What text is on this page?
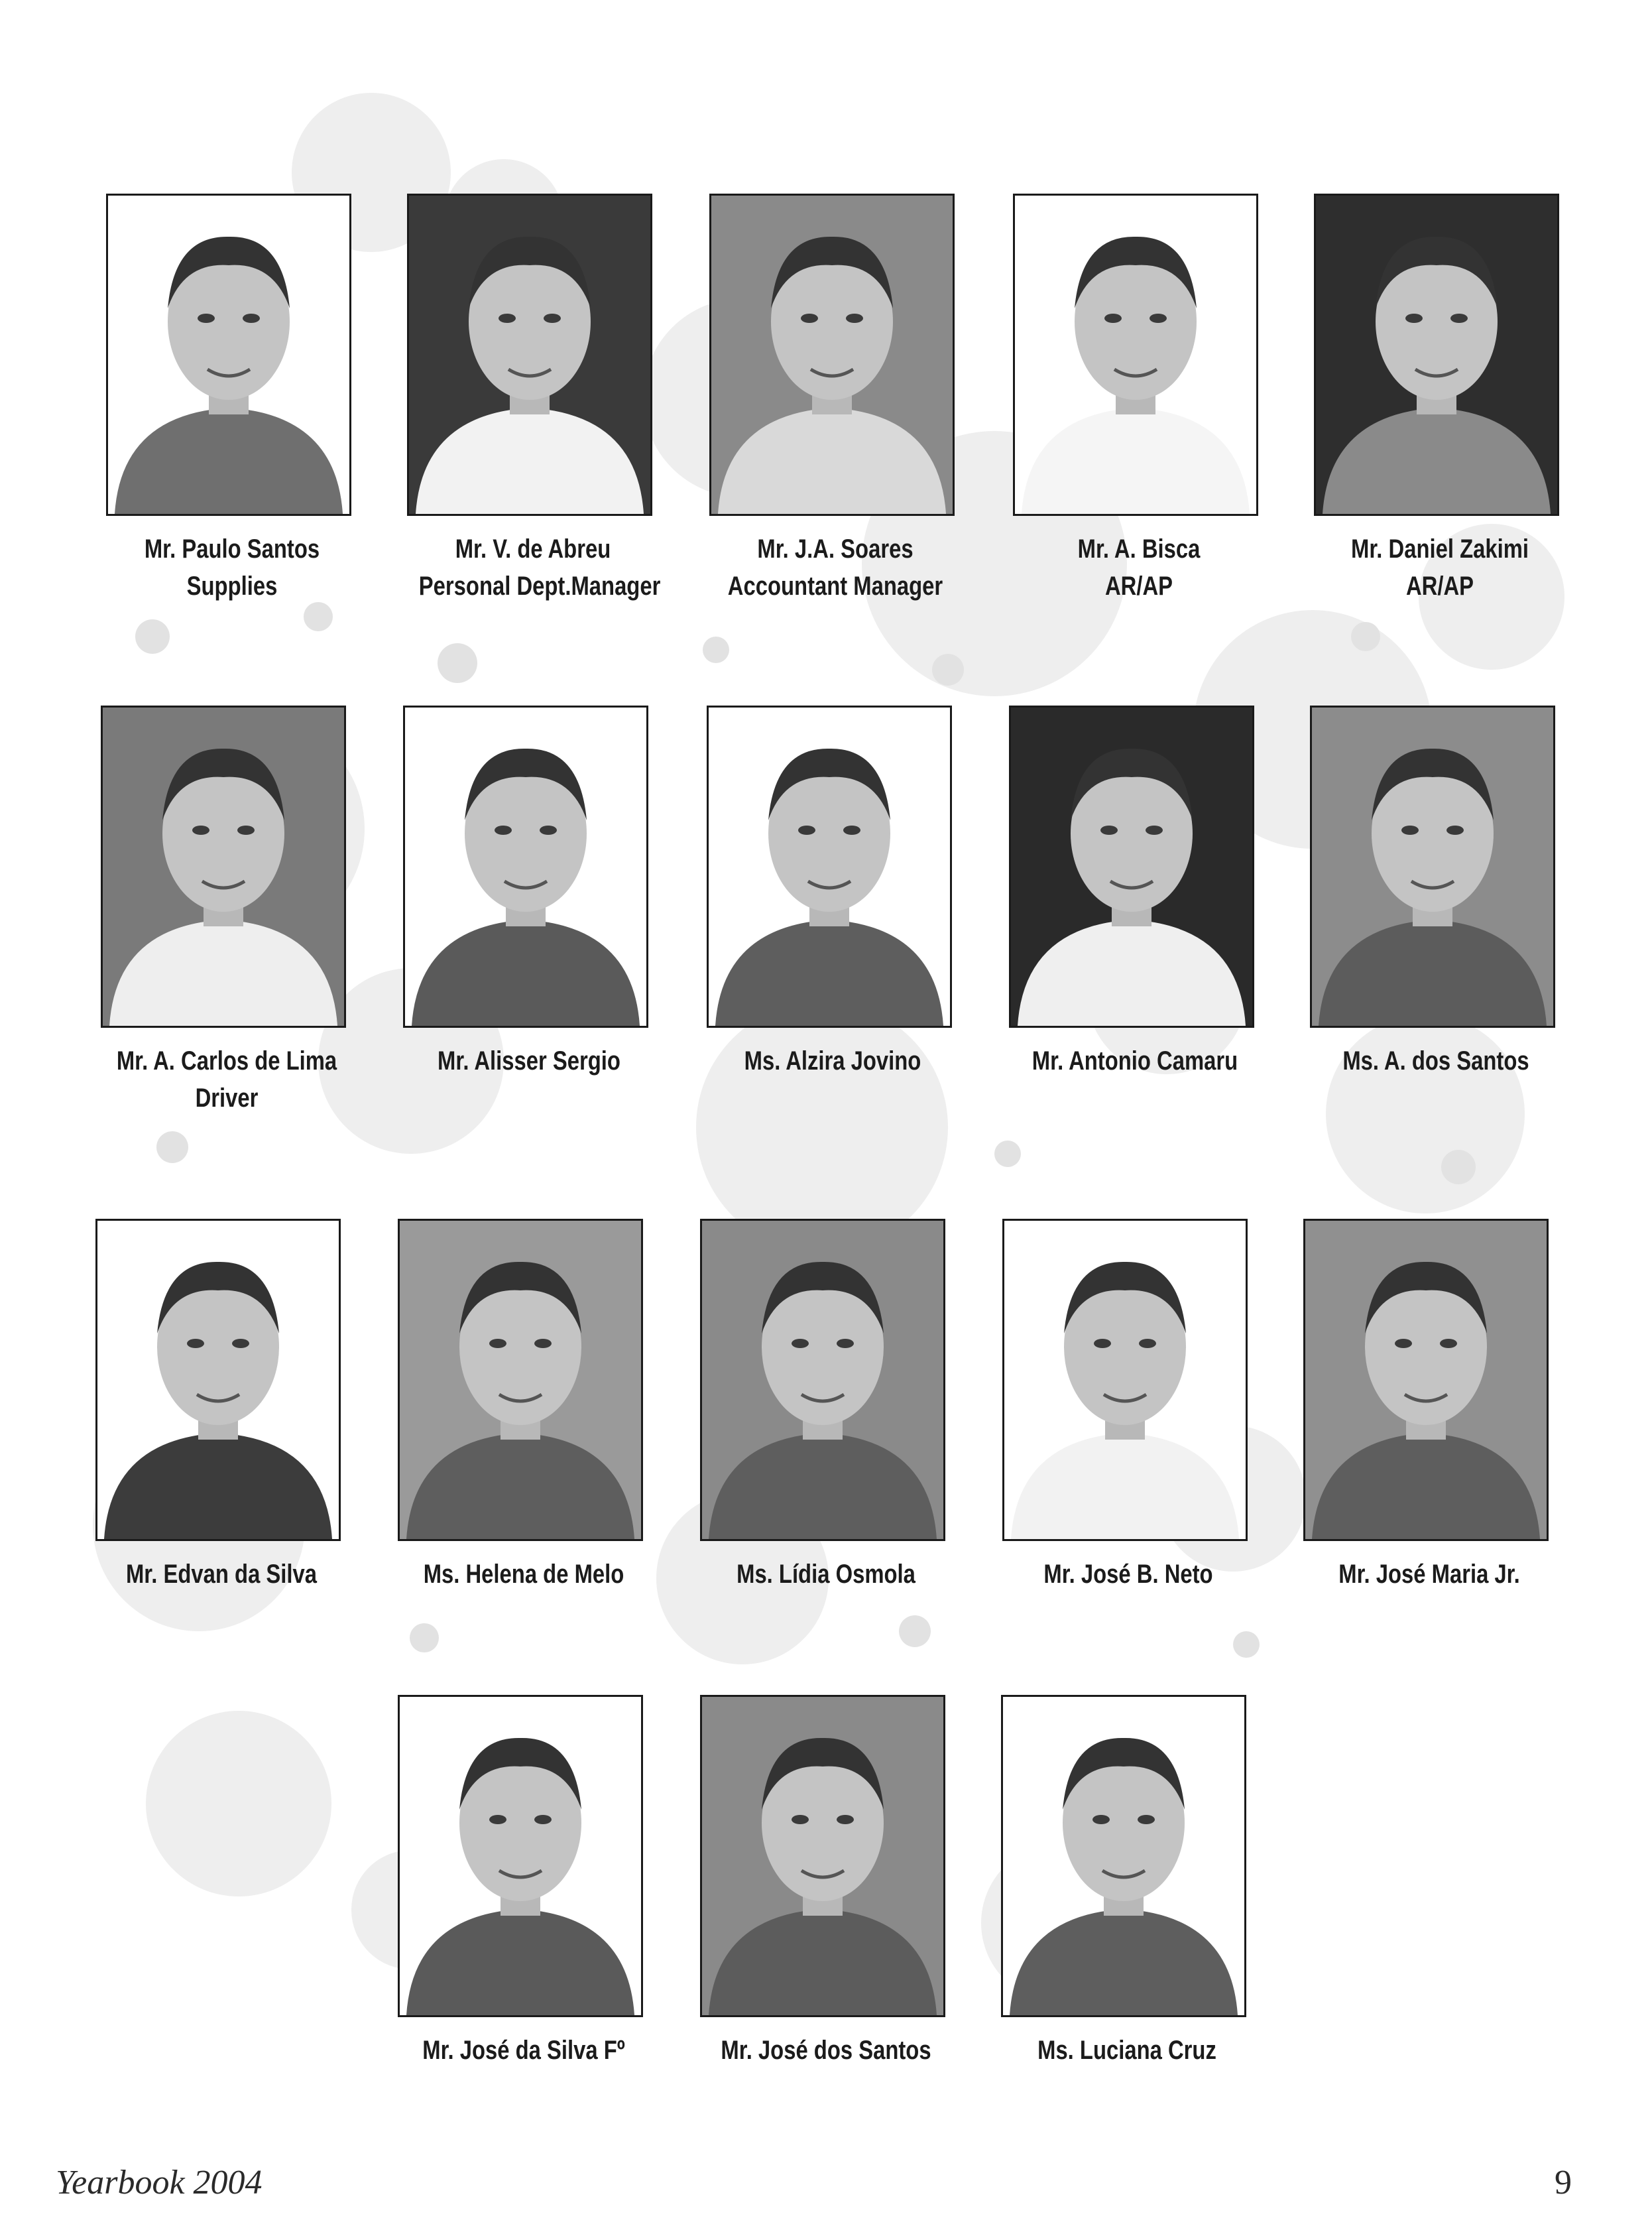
Mr. Paulo Santos
Supplies
Mr. V. de Abreu
Personal Dept.Manager
Mr. J.A. Soares
Accountant Manager
Mr. A. Bisca
AR/AP
Mr. Daniel Zakimi
AR/AP
Mr. A. Carlos de Lima
Driver
Mr. Alisser Sergio	Ms. Alzira Jovino	Mr. Antonio Camaru	Ms. A. dos Santos
Mr. Edvan da Silva	Ms. Helena de Melo	Ms. Lídia Osmola	Mr. José B. Neto	Mr. José Maria Jr.
Mr. José da Silva Fº	Mr. José dos Santos	Ms. Luciana Cruz
Yearbook 2004	9
